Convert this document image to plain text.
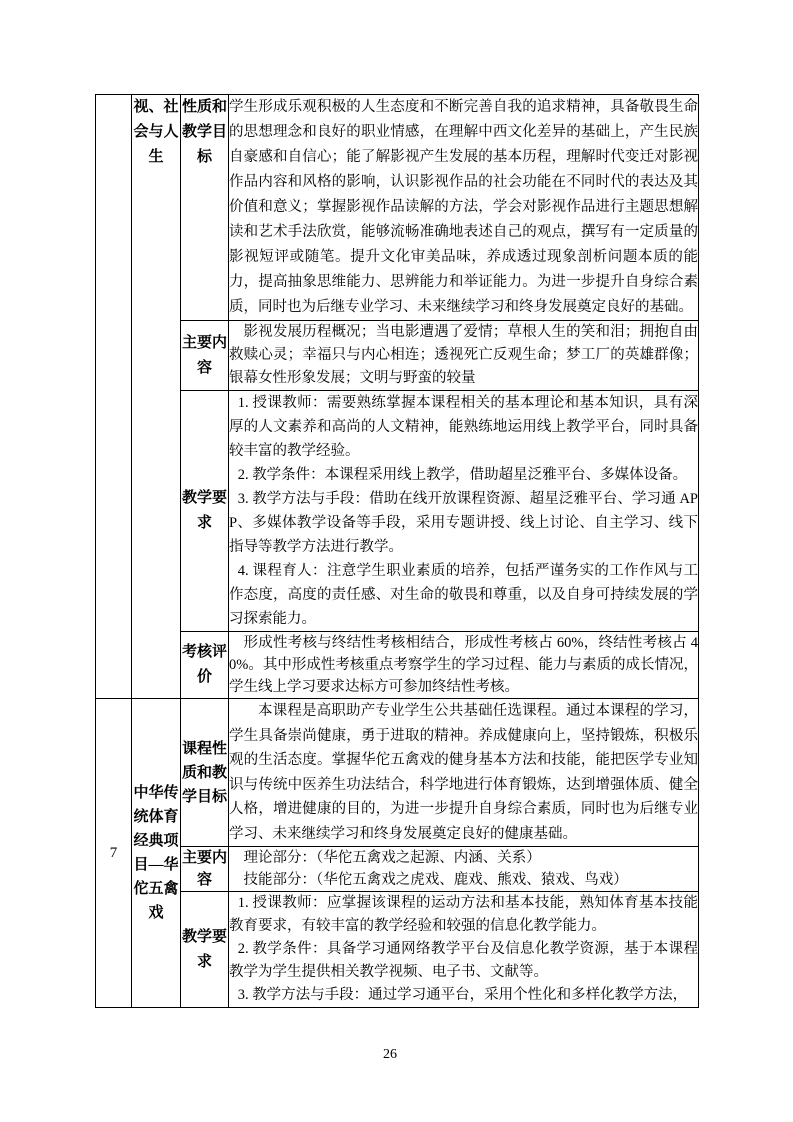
	视、社会与人生	性质和教学目标	学生形成乐观积极的人生态度和不断完善自我的追求精神，具备敬畏生命的思想理念和良好的职业情感，在理解中西文化差异的基础上，产生民族自豪感和自信心；能了解影视产生发展的基本历程，理解时代变迁对影视作品内容和风格的影响，认识影视作品的社会功能在不同时代的表达及其价值和意义；掌握影视作品读解的方法，学会对影视作品进行主题思想解读和艺术手法欣赏，能够流畅准确地表述自己的观点，撰写有一定质量的影视短评或随笔。提升文化审美品味，养成透过现象剖析问题本质的能力，提高抽象思维能力、思辨能力和举证能力。为进一步提升自身综合素质，同时也为后继专业学习、未来继续学习和终身发展奠定良好的基础。

		主要内容	影视发展历程概况；当电影遭遇了爱情；草根人生的笑和泪；拥抱自由救赎心灵；幸福只与内心相连；透视死亡反观生命；梦工厂的英雄群像；银幕女性形象发展；文明与野蛮的较量

		教学要求	1. 授课教师：需要熟练掌握本课程相关的基本理论和基本知识，具有深厚的人文素养和高尚的人文精神，能熟练地运用线上教学平台，同时具备较丰富的教学经验。

2. 教学条件：本课程采用线上教学，借助超星泛雅平台、多媒体设备。

3. 教学方法与手段：借助在线开放课程资源、超星泛雅平台、学习通 APP、多媒体教学设备等手段，采用专题讲授、线上讨论、自主学习、线下指导等教学方法进行教学。

4. 课程育人：注意学生职业素质的培养，包括严谨务实的工作作风与工作态度，高度的责任感、对生命的敬畏和尊重，以及自身可持续发展的学习探索能力。

		考核评价	形成性考核与终结性考核相结合，形成性考核占 60%，终结性考核占 40%。其中形成性考核重点考察学生的学习过程、能力与素质的成长情况，学生线上学习要求达标方可参加终结性考核。

7	中华传统体育经典项目—华佗五禽戏	课程性质和教学目标	本课程是高职助产专业学生公共基础任选课程。通过本课程的学习，学生具备崇尚健康，勇于进取的精神。养成健康向上，坚持锻炼，积极乐观的生活态度。掌握华佗五禽戏的健身基本方法和技能，能把医学专业知识与传统中医养生功法结合，科学地进行体育锻炼，达到增强体质、健全人格，增进健康的目的，为进一步提升自身综合素质，同时也为后继专业学习、未来继续学习和终身发展奠定良好的健康基础。

		主要内容	理论部分：（华佗五禽戏之起源、内涵、关系）

技能部分：（华佗五禽戏之虎戏、鹿戏、熊戏、猿戏、鸟戏）

		教学要求	1. 授课教师：应掌握该课程的运动方法和基本技能，熟知体育基本技能教育要求，有较丰富的教学经验和较强的信息化教学能力。

2. 教学条件：具备学习通网络教学平台及信息化教学资源，基于本课程教学为学生提供相关教学视频、电子书、文献等。

3. 教学方法与手段：通过学习通平台，采用个性化和多样化教学方法，

26
